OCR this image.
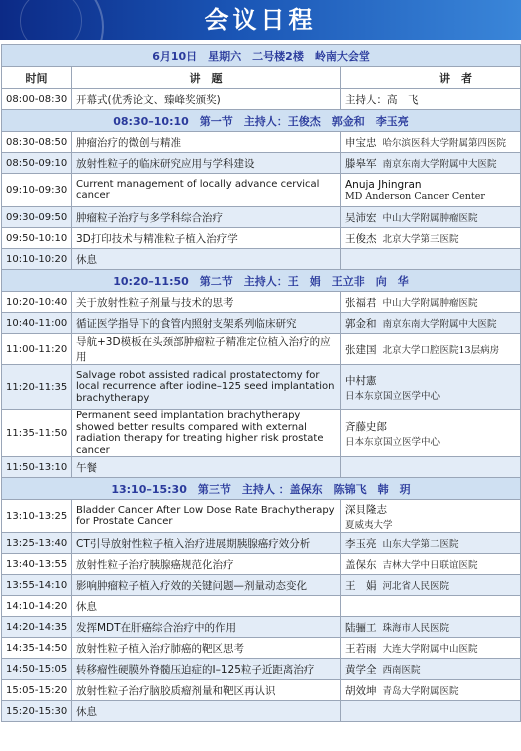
会议日程
6月10日　星期六　二号楼2楼　岭南大会堂		
时间	讲　题	讲　者
08:00-08:30	开幕式(优秀论文、臻峰奖颁奖)	主持人：高　飞
08:30–10:10　第一节　主持人：王俊杰　郭金和　李玉亮		
08:30-08:50	肿瘤治疗的微创与精准	申宝忠 哈尔滨医科大学附属第四医院
08:50-09:10	放射性粒子的临床研究应用与学科建设	滕皋军 南京东南大学附属中大医院
09:10-09:30	Current management of locally advance cervical cancer	Anuja Jhingran
MD Anderson Cancer Center

09:30-09:50	肿瘤粒子治疗与多学科综合治疗	吴沛宏 中山大学附属肿瘤医院
09:50-10:10	3D打印技术与精准粒子植入治疗学	王俊杰 北京大学第三医院
10:10-10:20	休息	
10:20–11:50　第二节　主持人：王　娟　王立非　向　华		
10:20-10:40	关于放射性粒子剂量与技术的思考	张福君 中山大学附属肿瘤医院
10:40-11:00	循证医学指导下的食管内照射支架系列临床研究	郭金和 南京东南大学附属中大医院
11:00-11:20	导航+3D模板在头颈部肿瘤粒子精准定位植入治疗的应用	张建国 北京大学口腔医院13层病房
11:20-11:35	Salvage robot assisted radical prostatectomy for local recurrence after iodine–125 seed implantation brachytherapy	中村憲
日本东京国立医学中心

11:35-11:50	Permanent seed implantation brachytherapy showed better results compared with external radiation therapy for treating higher risk prostate cancer	斉藤史郎
日本东京国立医学中心

11:50-13:10	午餐	
13:10–15:30　第三节　主持人 ：盖保东　陈锦飞　韩　玥		
13:10-13:25	Bladder Cancer After Low Dose Rate Brachytherapy for Prostate Cancer	深貝隆志
夏威夷大学

13:25-13:40	CT引导放射性粒子植入治疗进展期胰腺癌疗效分析	李玉亮 山东大学第二医院
13:40-13:55	放射性粒子治疗胰腺癌规范化治疗	盖保东 吉林大学中日联谊医院
13:55-14:10	影响肿瘤粒子植入疗效的关键问题—剂量动态变化	王　娟 河北省人民医院
14:10-14:20	休息	
14:20-14:35	发挥MDT在肝癌综合治疗中的作用	陆骊工 珠海市人民医院
14:35-14:50	放射性粒子植入治疗肺癌的靶区思考	王若雨 大连大学附属中山医院
14:50-15:05	转移瘤性硬膜外脊髓压迫症的I–125粒子近距离治疗	黄学全 西南医院
15:05-15:20	放射性粒子治疗脑胶质瘤剂量和靶区再认识	胡效坤 青岛大学附属医院
15:20-15:30	休息	
